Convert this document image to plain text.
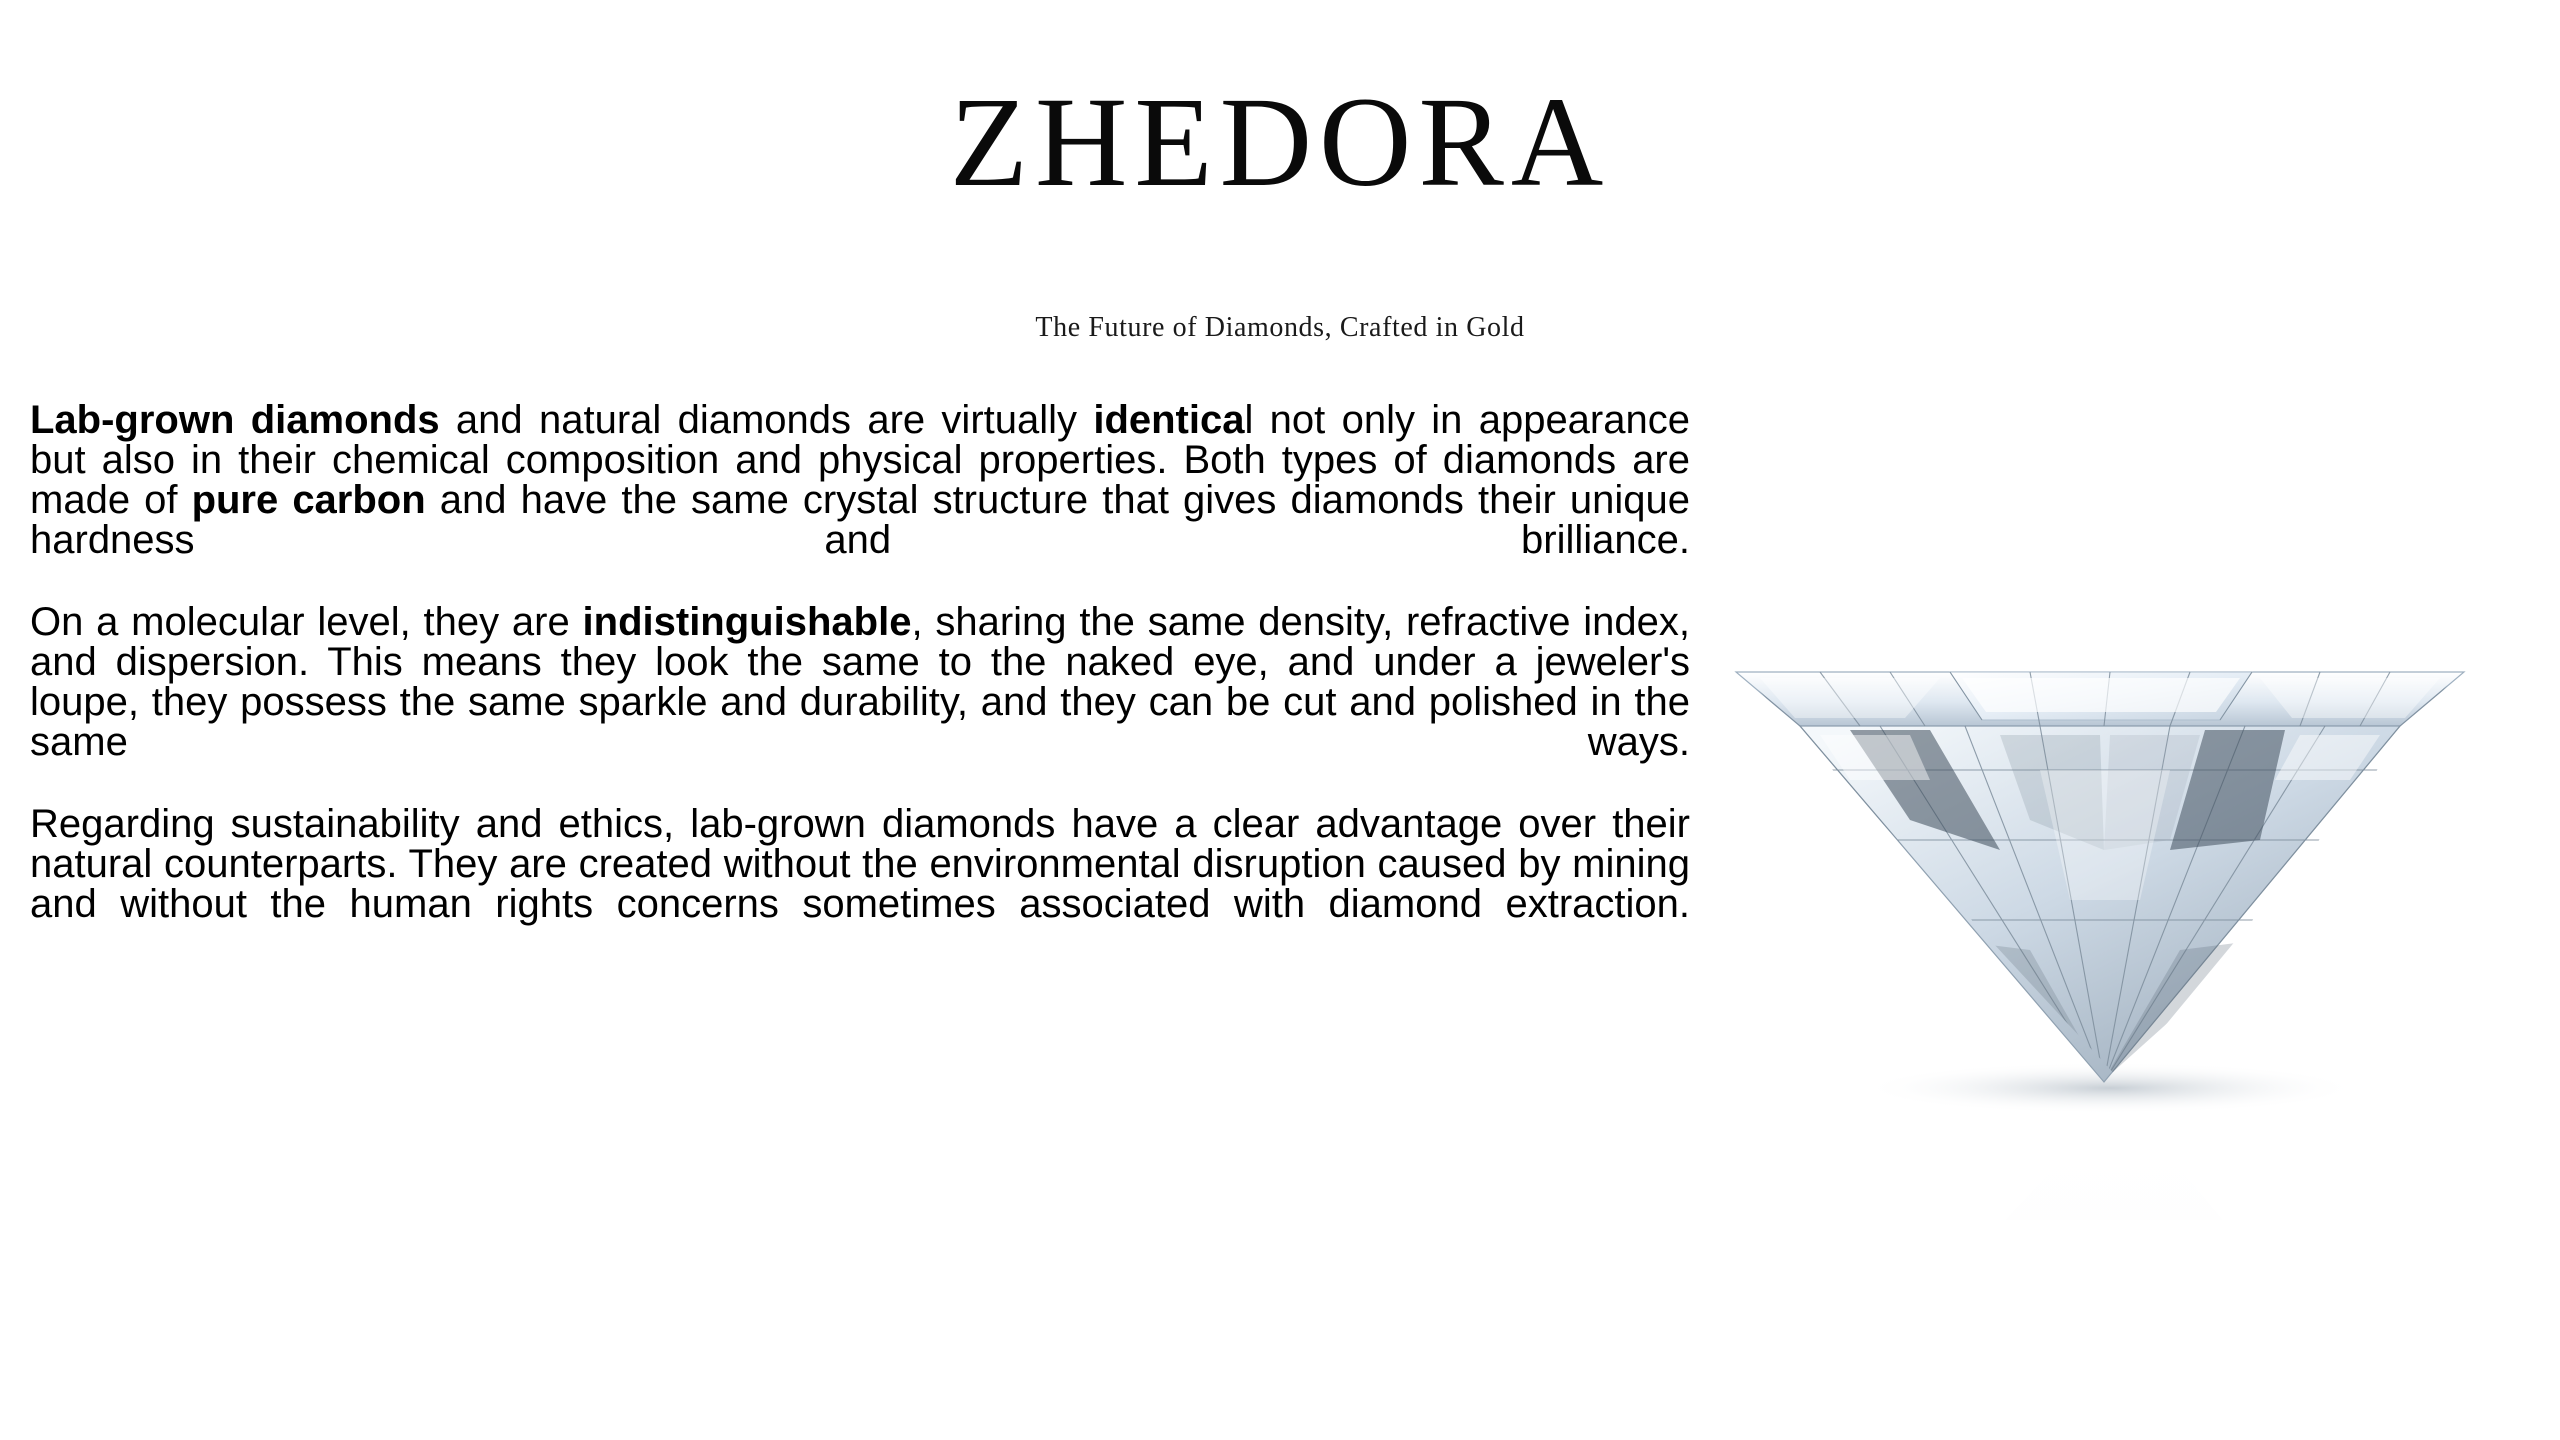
ZHEDORA
The Future of Diamonds, Crafted in Gold

Lab-grown diamonds and natural diamonds are virtually identical not only in appearance but also in their chemical composition and physical properties. Both types of diamonds are made of pure carbon and have the same crystal structure that gives diamonds their unique hardness and brilliance.

On a molecular level, they are indistinguishable, sharing the same density, refractive index, and dispersion. This means they look the same to the naked eye, and under a jeweler's loupe, they possess the same sparkle and durability, and they can be cut and polished in the same ways.

Regarding sustainability and ethics, lab-grown diamonds have a clear advantage over their natural counterparts. They are created without the environmental disruption caused by mining and without the human rights concerns sometimes associated with diamond extraction.
